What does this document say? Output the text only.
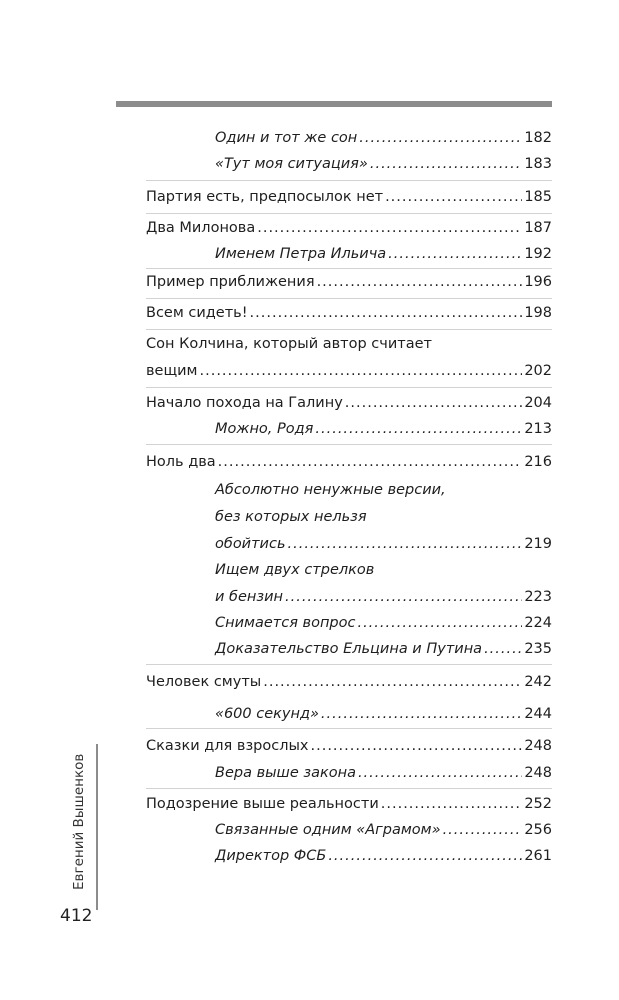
Один и тот же сон .....	182
«Тут моя ситуация» .....	183
Партия есть, предпосылок нет .....	185
Два Милонова .....	187
Именем Петра Ильича .....	192
Пример приближения .....	196
Всем сидеть! .....	198
Сон Колчина, который автор считает
вещим .....	202
Начало похода на Галину .....	204
Можно, Родя .....	213
Ноль два .....	216
Абсолютно ненужные версии,
без которых нельзя
обойтись .....	219
Ищем двух стрелков
и бензин .....	223
Снимается вопрос .....	224
Доказательство Ельцина и Путина .....	235
Человек смуты .....	242
«600 секунд» .....	244
Сказки для взрослых .....	248
Вера выше закона .....	248
Подозрение выше реальности .....	252
Связанные одним «Аграмом» .....	256
Директор ФСБ .....	261
Евгений Вышенков
412
